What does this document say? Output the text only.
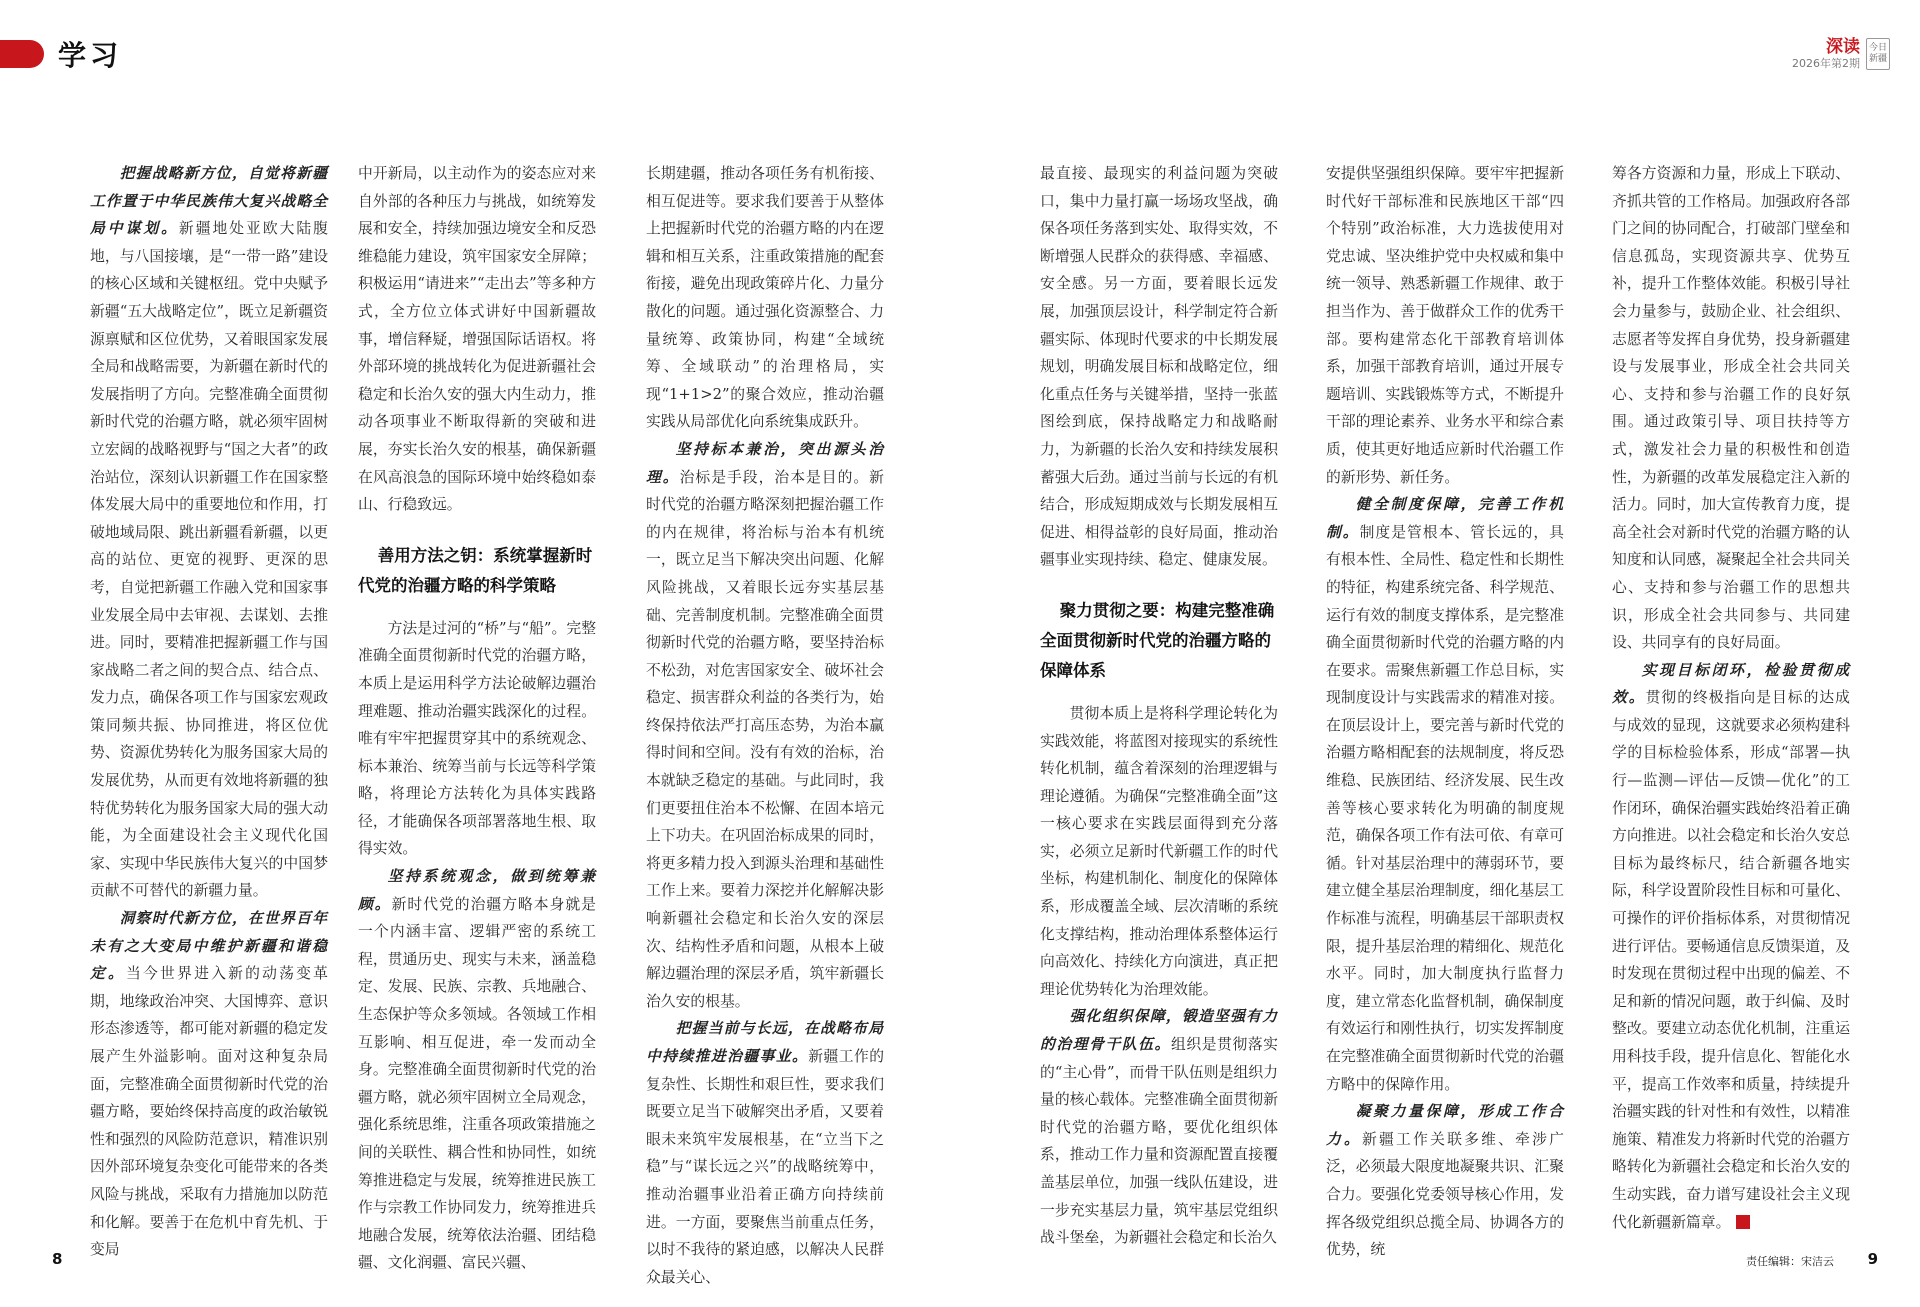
学习	深读
2026年第2期
今日
新疆

把握战略新方位，自觉将新疆工作置于中华民族伟大复兴战略全局中谋划。新疆地处亚欧大陆腹地，与八国接壤，是“一带一路”建设的核心区域和关键枢纽。党中央赋予新疆“五大战略定位”，既立足新疆资源禀赋和区位优势，又着眼国家发展全局和战略需要，为新疆在新时代的发展指明了方向。完整准确全面贯彻新时代党的治疆方略，就必须牢固树立宏阔的战略视野与“国之大者”的政治站位，深刻认识新疆工作在国家整体发展大局中的重要地位和作用，打破地域局限、跳出新疆看新疆，以更高的站位、更宽的视野、更深的思考，自觉把新疆工作融入党和国家事业发展全局中去审视、去谋划、去推进。同时，要精准把握新疆工作与国家战略二者之间的契合点、结合点、发力点，确保各项工作与国家宏观政策同频共振、协同推进，将区位优势、资源优势转化为服务国家大局的发展优势，从而更有效地将新疆的独特优势转化为服务国家大局的强大动能，为全面建设社会主义现代化国家、实现中华民族伟大复兴的中国梦贡献不可替代的新疆力量。

洞察时代新方位，在世界百年未有之大变局中维护新疆和谐稳定。当今世界进入新的动荡变革期，地缘政治冲突、大国博弈、意识形态渗透等，都可能对新疆的稳定发展产生外溢影响。面对这种复杂局面，完整准确全面贯彻新时代党的治疆方略，要始终保持高度的政治敏锐性和强烈的风险防范意识，精准识别因外部环境复杂变化可能带来的各类风险与挑战，采取有力措施加以防范和化解。要善于在危机中育先机、于变局

中开新局，以主动作为的姿态应对来自外部的各种压力与挑战，如统筹发展和安全，持续加强边境安全和反恐维稳能力建设，筑牢国家安全屏障；积极运用“请进来”“走出去”等多种方式，全方位立体式讲好中国新疆故事，增信释疑，增强国际话语权。将外部环境的挑战转化为促进新疆社会稳定和长治久安的强大内生动力，推动各项事业不断取得新的突破和进展，夯实长治久安的根基，确保新疆在风高浪急的国际环境中始终稳如泰山、行稳致远。

善用方法之钥：系统掌握新时代党的治疆方略的科学策略

方法是过河的“桥”与“船”。完整准确全面贯彻新时代党的治疆方略，本质上是运用科学方法论破解边疆治理难题、推动治疆实践深化的过程。唯有牢牢把握贯穿其中的系统观念、标本兼治、统筹当前与长远等科学策略，将理论方法转化为具体实践路径，才能确保各项部署落地生根、取得实效。

坚持系统观念，做到统筹兼顾。新时代党的治疆方略本身就是一个内涵丰富、逻辑严密的系统工程，贯通历史、现实与未来，涵盖稳定、发展、民族、宗教、兵地融合、生态保护等众多领域。各领域工作相互影响、相互促进，牵一发而动全身。完整准确全面贯彻新时代党的治疆方略，就必须牢固树立全局观念，强化系统思维，注重各项政策措施之间的关联性、耦合性和协同性，如统筹推进稳定与发展，统筹推进民族工作与宗教工作协同发力，统筹推进兵地融合发展，统筹依法治疆、团结稳疆、文化润疆、富民兴疆、

长期建疆，推动各项任务有机衔接、相互促进等。要求我们要善于从整体上把握新时代党的治疆方略的内在逻辑和相互关系，注重政策措施的配套衔接，避免出现政策碎片化、力量分散化的问题。通过强化资源整合、力量统筹、政策协同，构建“全域统筹、全域联动”的治理格局，实现“1+1>2”的聚合效应，推动治疆实践从局部优化向系统集成跃升。

坚持标本兼治，突出源头治理。治标是手段，治本是目的。新时代党的治疆方略深刻把握治疆工作的内在规律，将治标与治本有机统一，既立足当下解决突出问题、化解风险挑战，又着眼长远夯实基层基础、完善制度机制。完整准确全面贯彻新时代党的治疆方略，要坚持治标不松劲，对危害国家安全、破坏社会稳定、损害群众利益的各类行为，始终保持依法严打高压态势，为治本赢得时间和空间。没有有效的治标，治本就缺乏稳定的基础。与此同时，我们更要扭住治本不松懈、在固本培元上下功夫。在巩固治标成果的同时，将更多精力投入到源头治理和基础性工作上来。要着力深挖并化解解决影响新疆社会稳定和长治久安的深层次、结构性矛盾和问题，从根本上破解边疆治理的深层矛盾，筑牢新疆长治久安的根基。

把握当前与长远，在战略布局中持续推进治疆事业。新疆工作的复杂性、长期性和艰巨性，要求我们既要立足当下破解突出矛盾，又要着眼未来筑牢发展根基，在“立当下之稳”与“谋长远之兴”的战略统筹中，推动治疆事业沿着正确方向持续前进。一方面，要聚焦当前重点任务，以时不我待的紧迫感，以解决人民群众最关心、

最直接、最现实的利益问题为突破口，集中力量打赢一场场攻坚战，确保各项任务落到实处、取得实效，不断增强人民群众的获得感、幸福感、安全感。另一方面，要着眼长远发展，加强顶层设计，科学制定符合新疆实际、体现时代要求的中长期发展规划，明确发展目标和战略定位，细化重点任务与关键举措，坚持一张蓝图绘到底，保持战略定力和战略耐力，为新疆的长治久安和持续发展积蓄强大后劲。通过当前与长远的有机结合，形成短期成效与长期发展相互促进、相得益彰的良好局面，推动治疆事业实现持续、稳定、健康发展。

聚力贯彻之要：构建完整准确全面贯彻新时代党的治疆方略的保障体系

贯彻本质上是将科学理论转化为实践效能，将蓝图对接现实的系统性转化机制，蕴含着深刻的治理逻辑与理论遵循。为确保“完整准确全面”这一核心要求在实践层面得到充分落实，必须立足新时代新疆工作的时代坐标，构建机制化、制度化的保障体系，形成覆盖全域、层次清晰的系统化支撑结构，推动治理体系整体运行向高效化、持续化方向演进，真正把理论优势转化为治理效能。

强化组织保障，锻造坚强有力的治理骨干队伍。组织是贯彻落实的“主心骨”，而骨干队伍则是组织力量的核心载体。完整准确全面贯彻新时代党的治疆方略，要优化组织体系，推动工作力量和资源配置直接覆盖基层单位，加强一线队伍建设，进一步充实基层力量，筑牢基层党组织战斗堡垒，为新疆社会稳定和长治久

安提供坚强组织保障。要牢牢把握新时代好干部标准和民族地区干部“四个特别”政治标准，大力选拔使用对党忠诚、坚决维护党中央权威和集中统一领导、熟悉新疆工作规律、敢于担当作为、善于做群众工作的优秀干部。要构建常态化干部教育培训体系，加强干部教育培训，通过开展专题培训、实践锻炼等方式，不断提升干部的理论素养、业务水平和综合素质，使其更好地适应新时代治疆工作的新形势、新任务。

健全制度保障，完善工作机制。制度是管根本、管长远的，具有根本性、全局性、稳定性和长期性的特征，构建系统完备、科学规范、运行有效的制度支撑体系，是完整准确全面贯彻新时代党的治疆方略的内在要求。需聚焦新疆工作总目标，实现制度设计与实践需求的精准对接。在顶层设计上，要完善与新时代党的治疆方略相配套的法规制度，将反恐维稳、民族团结、经济发展、民生改善等核心要求转化为明确的制度规范，确保各项工作有法可依、有章可循。针对基层治理中的薄弱环节，要建立健全基层治理制度，细化基层工作标准与流程，明确基层干部职责权限，提升基层治理的精细化、规范化水平。同时，加大制度执行监督力度，建立常态化监督机制，确保制度有效运行和刚性执行，切实发挥制度在完整准确全面贯彻新时代党的治疆方略中的保障作用。

凝聚力量保障，形成工作合力。新疆工作关联多维、牵涉广泛，必须最大限度地凝聚共识、汇聚合力。要强化党委领导核心作用，发挥各级党组织总揽全局、协调各方的优势，统

筹各方资源和力量，形成上下联动、齐抓共管的工作格局。加强政府各部门之间的协同配合，打破部门壁垒和信息孤岛，实现资源共享、优势互补，提升工作整体效能。积极引导社会力量参与，鼓励企业、社会组织、志愿者等发挥自身优势，投身新疆建设与发展事业，形成全社会共同关心、支持和参与治疆工作的良好氛围。通过政策引导、项目扶持等方式，激发社会力量的积极性和创造性，为新疆的改革发展稳定注入新的活力。同时，加大宣传教育力度，提高全社会对新时代党的治疆方略的认知度和认同感，凝聚起全社会共同关心、支持和参与治疆工作的思想共识，形成全社会共同参与、共同建设、共同享有的良好局面。

实现目标闭环，检验贯彻成效。贯彻的终极指向是目标的达成与成效的显现，这就要求必须构建科学的目标检验体系，形成“部署—执行—监测—评估—反馈—优化”的工作闭环，确保治疆实践始终沿着正确方向推进。以社会稳定和长治久安总目标为最终标尺，结合新疆各地实际，科学设置阶段性目标和可量化、可操作的评价指标体系，对贯彻情况进行评估。要畅通信息反馈渠道，及时发现在贯彻过程中出现的偏差、不足和新的情况问题，敢于纠偏、及时整改。要建立动态优化机制，注重运用科技手段，提升信息化、智能化水平，提高工作效率和质量，持续提升治疆实践的针对性和有效性，以精准施策、精准发力将新时代党的治疆方略转化为新疆社会稳定和长治久安的生动实践，奋力谱写建设社会主义现代化新疆新篇章。

8	责任编辑：宋洁云 9
